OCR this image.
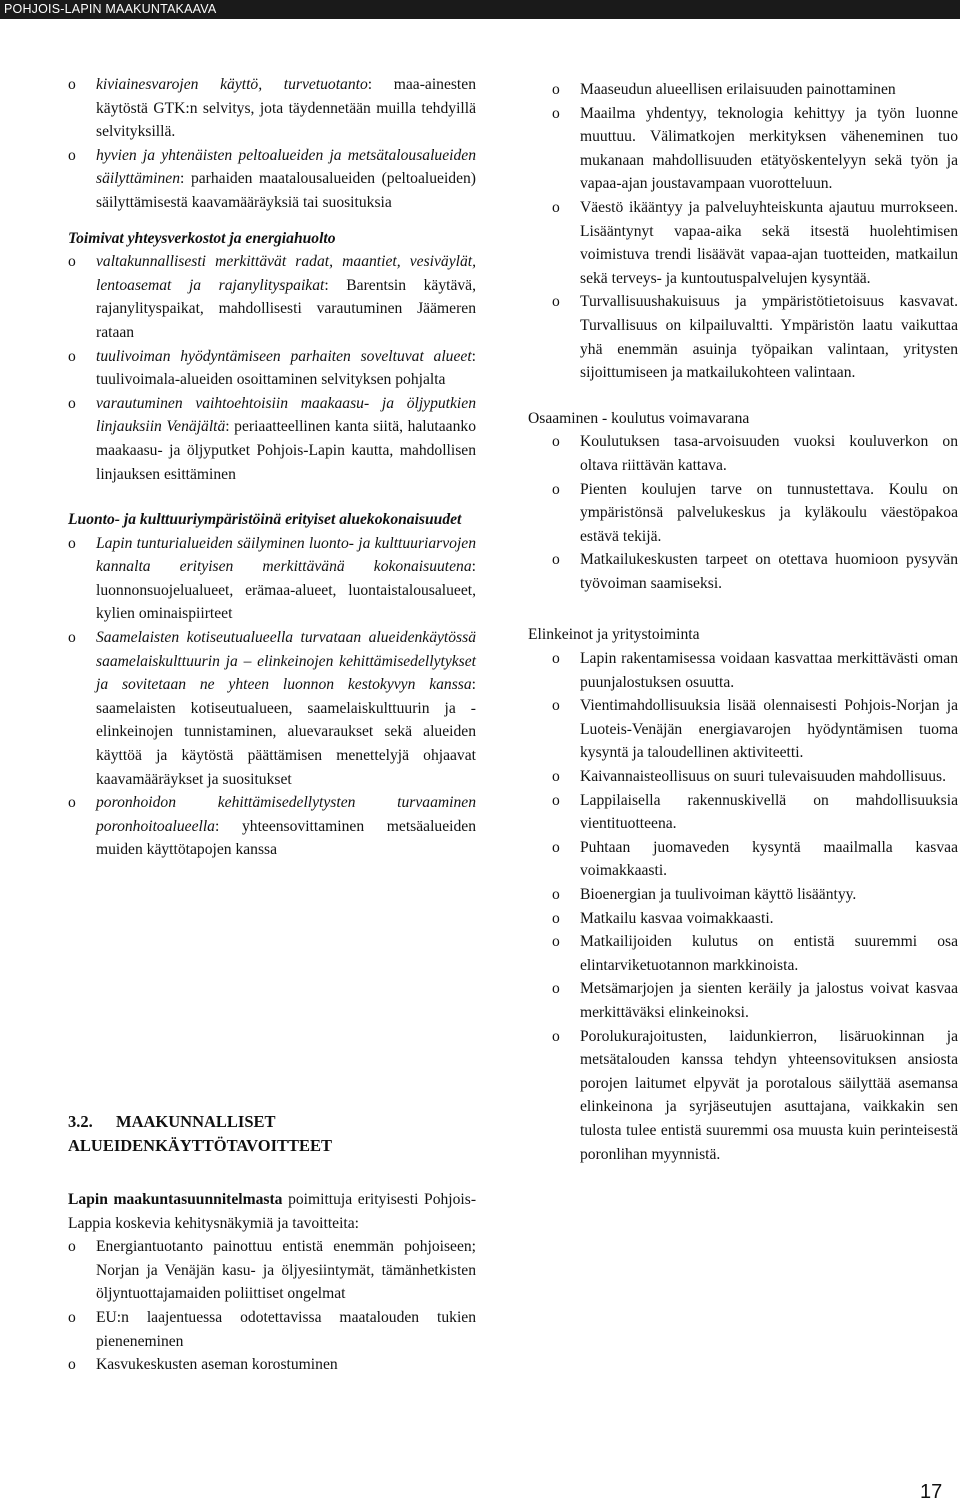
POHJOIS-LAPIN MAAKUNTAKAAVA
o kiviainesvarojen käyttö, turvetuotanto: maa-ainesten käytöstä GTK:n selvitys, jota täydennetään muilla tehdyillä selvityksillä.
o hyvien ja yhtenäisten peltoalueiden ja metsätalousalueiden säilyttäminen: parhaiden maatalousalueiden (peltoalueiden) säilyttämisestä kaavamääräyksiä tai suosituksia

Toimivat yhteysverkostot ja energiahuolto

o valtakunnallisesti merkittävät radat, maantiet, vesiväylät, lentoasemat ja rajanylityspaikat: Barentsin käytävä, rajanylityspaikat, mahdollisesti varautuminen Jäämeren rataan
o tuulivoiman hyödyntämiseen parhaiten soveltuvat alueet: tuulivoimala-alueiden osoittaminen selvityksen pohjalta
o varautuminen vaihtoehtoisiin maakaasu- ja öljyputkien linjauksiin Venäjältä: periaatteellinen kanta siitä, halutaanko maakaasu- ja öljyputket Pohjois-Lapin kautta, mahdollisen linjauksen esittäminen

Luonto- ja kulttuuriympäristöinä erityiset aluekokonaisuudet

o Lapin tunturialueiden säilyminen luonto- ja kulttuuriarvojen kannalta erityisen merkittävänä kokonaisuutena: luonnonsuojelualueet, erämaa-alueet, luontaistalousalueet, kylien ominaispiirteet
o Saamelaisten kotiseutualueella turvataan alueidenkäytössä saamelaiskulttuurin ja – elinkeinojen kehittämisedellytykset ja sovitetaan ne yhteen luonnon kestokyvyn kanssa: saamelaisten kotiseutualueen, saamelaiskulttuurin ja -elinkeinojen tunnistaminen, aluevaraukset sekä alueiden käyttöä ja käytöstä päättämisen menettelyjä ohjaavat kaavamääräykset ja suositukset
o poronhoidon kehittämisedellytysten turvaaminen poronhoitoalueella: yhteensovittaminen metsäalueiden muiden käyttötapojen kanssa
3.2. MAAKUNNALLISET ALUEIDENKÄYTTÖTAVOITTEET

Lapin maakuntasuunnitelmasta poimittuja erityisesti Pohjois-Lappia koskevia kehitysnäkymiä ja tavoitteita:

o Energiantuotanto painottuu entistä enemmän pohjoiseen; Norjan ja Venäjän kasu- ja öljyesiintymät, tämänhetkisten öljyntuottajamaiden poliittiset ongelmat
o EU:n laajentuessa odotettavissa maatalouden tukien pieneneminen
o Kasvukeskusten aseman korostuminen
o Maaseudun alueellisen erilaisuuden painottaminen
o Maailma yhdentyy, teknologia kehittyy ja työn luonne muuttuu. Välimatkojen merkityksen väheneminen tuo mukanaan mahdollisuuden etätyöskentelyyn sekä työn ja vapaa-ajan joustavampaan vuorotteluun.
o Väestö ikääntyy ja palveluyhteiskunta ajautuu murrokseen. Lisääntynyt vapaa-aika sekä itsestä huolehtimisen voimistuva trendi lisäävät vapaa-ajan tuotteiden, matkailun sekä terveys- ja kuntoutuspalvelujen kysyntää.
o Turvallisuushakuisuus ja ympäristötietoisuus kasvavat. Turvallisuus on kilpailuvaltti. Ympäristön laatu vaikuttaa yhä enemmän asuinja työpaikan valintaan, yritysten sijoittumiseen ja matkailukohteen valintaan.

Osaaminen - koulutus voimavarana

o Koulutuksen tasa-arvoisuuden vuoksi kouluverkon on oltava riittävän kattava.
o Pienten koulujen tarve on tunnustettava. Koulu on ympäristönsä palvelukeskus ja kyläkoulu väestöpakoa estävä tekijä.
o Matkailukeskusten tarpeet on otettava huomioon pysyvän työvoiman saamiseksi.

Elinkeinot ja yritystoiminta

o Lapin rakentamisessa voidaan kasvattaa merkittävästi oman puunjalostuksen osuutta.
o Vientimahdollisuuksia lisää olennaisesti Pohjois-Norjan ja Luoteis-Venäjän energiavarojen hyödyntämisen tuoma kysyntä ja taloudellinen aktiviteetti.
o Kaivannaisteollisuus on suuri tulevaisuuden mahdollisuus.
o Lappilaisella rakennuskivellä on mahdollisuuksia vientituotteena.
o Puhtaan juomaveden kysyntä maailmalla kasvaa voimakkaasti.
o Bioenergian ja tuulivoiman käyttö lisääntyy.
o Matkailu kasvaa voimakkaasti.
o Matkailijoiden kulutus on entistä suuremmi osa elintarviketuotannon markkinoista.
o Metsämarjojen ja sienten keräily ja jalostus voivat kasvaa merkittäväksi elinkeinoksi.
o Porolukurajoitusten, laidunkierron, lisäruokinnan ja metsätalouden kanssa tehdyn yhteensovituksen ansiosta porojen laitumet elpyvät ja porotalous säilyttää asemansa elinkeinona ja syrjäseutujen asuttajana, vaikkakin sen tulosta tulee entistä suuremmi osa muusta kuin perinteisestä poronlihan myynnistä.
17
